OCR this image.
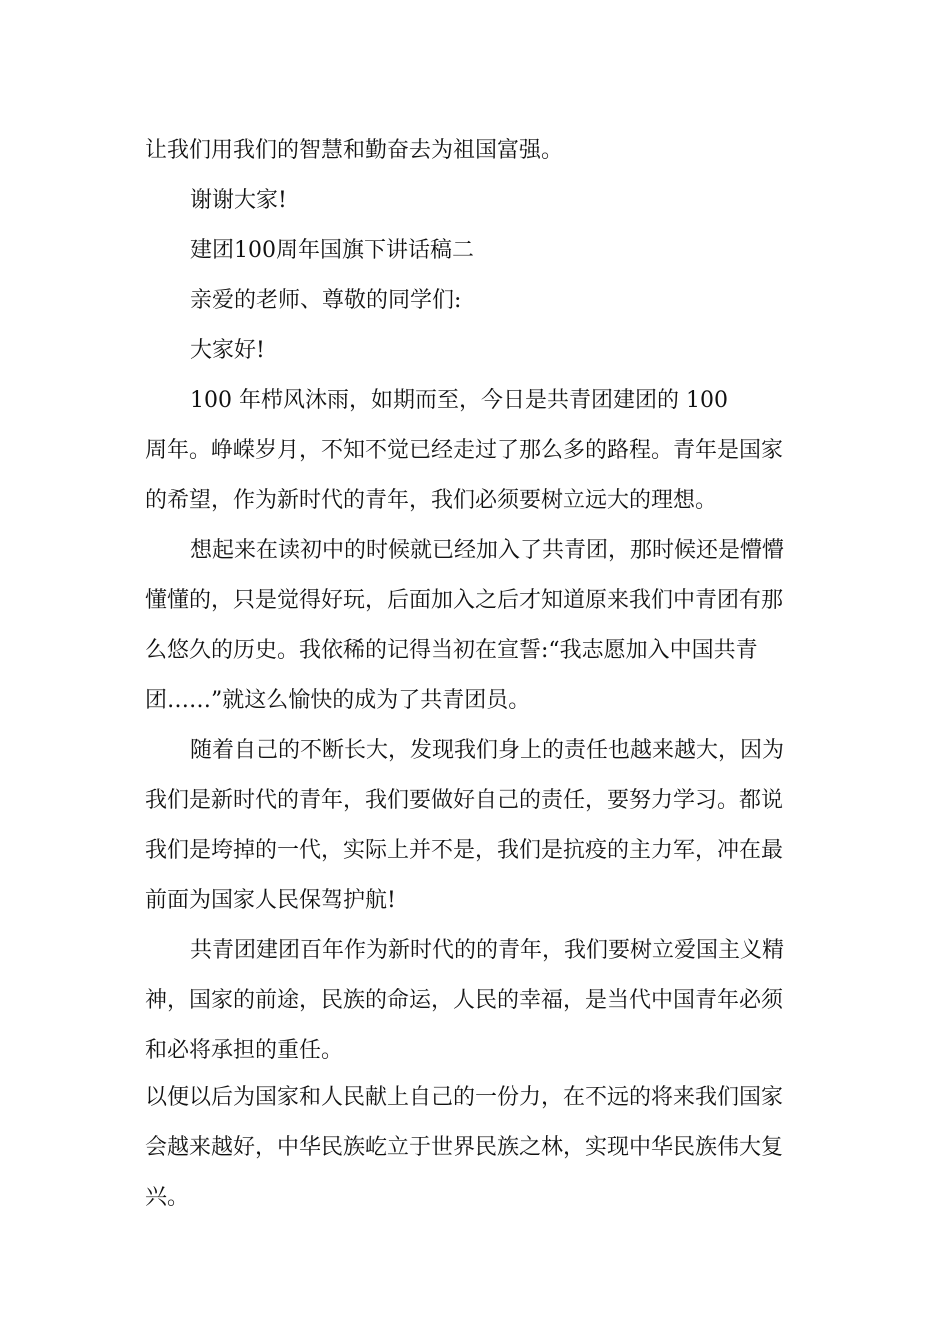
让我们用我们的智慧和勤奋去为祖国富强。
谢谢大家!
建团100周年国旗下讲话稿二
亲爱的老师、尊敬的同学们:
大家好!
100 年栉风沐雨，如期而至，今日是共青团建团的 100
周年。峥嵘岁月，不知不觉已经走过了那么多的路程。青年是国家
的希望，作为新时代的青年，我们必须要树立远大的理想。
想起来在读初中的时候就已经加入了共青团，那时候还是懵懵
懂懂的，只是觉得好玩，后面加入之后才知道原来我们中青团有那
么悠久的历史。我依稀的记得当初在宣誓:“我志愿加入中国共青
团……”就这么愉快的成为了共青团员。
随着自己的不断长大，发现我们身上的责任也越来越大，因为
我们是新时代的青年，我们要做好自己的责任，要努力学习。都说
我们是垮掉的一代，实际上并不是，我们是抗疫的主力军，冲在最
前面为国家人民保驾护航!
共青团建团百年作为新时代的的青年，我们要树立爱国主义精
神，国家的前途，民族的命运，人民的幸福，是当代中国青年必须
和必将承担的重任。
以便以后为国家和人民献上自己的一份力，在不远的将来我们国家
会越来越好，中华民族屹立于世界民族之林，实现中华民族伟大复
兴。
